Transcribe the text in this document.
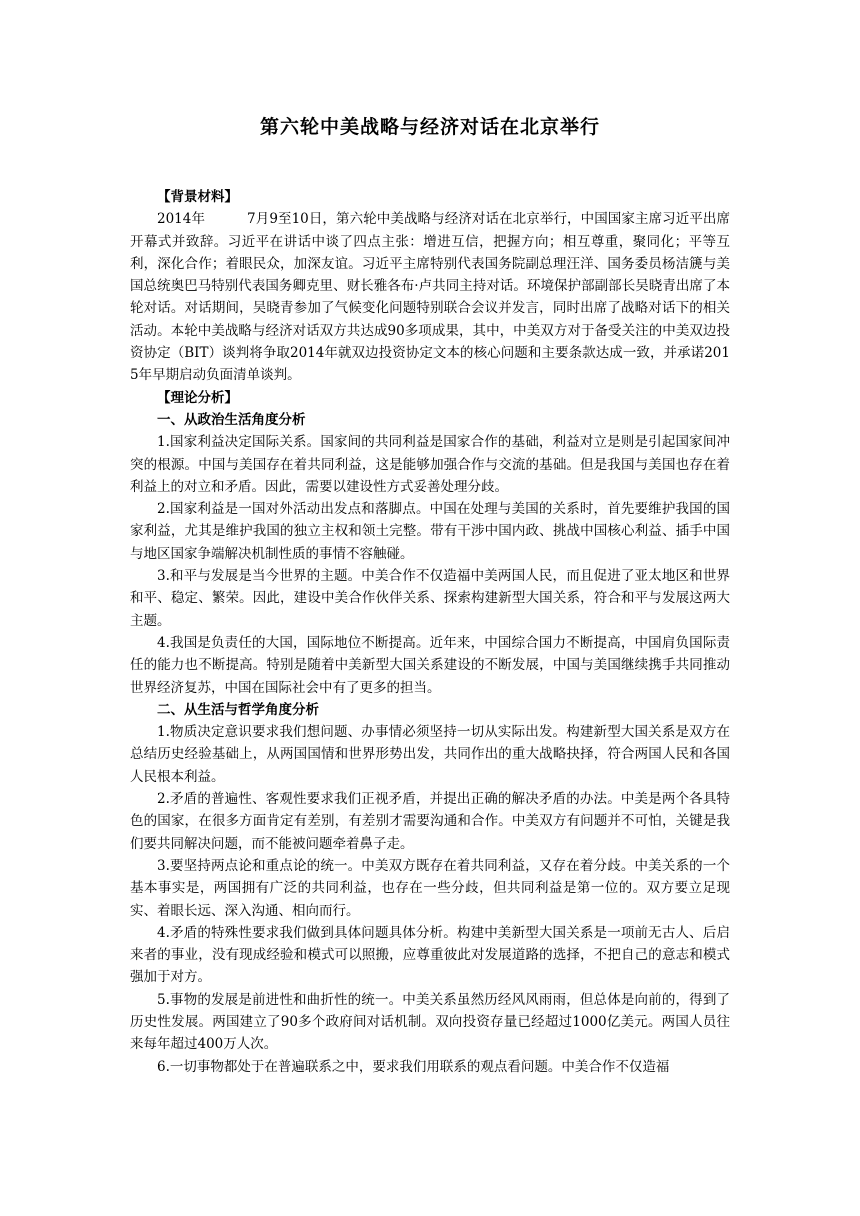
第六轮中美战略与经济对话在北京举行

【背景材料】

2014年	7月9至10日，第六轮中美战略与经济对话在北京举行，中国国家主席习近平出席开幕式并致辞。习近平在讲话中谈了四点主张：增进互信，把握方向；相互尊重，聚同化；平等互利，深化合作；着眼民众，加深友谊。习近平主席特别代表国务院副总理汪洋、国务委员杨洁篪与美国总统奥巴马特别代表国务卿克里、财长雅各布·卢共同主持对话。环境保护部副部长吴晓青出席了本轮对话。对话期间，吴晓青参加了气候变化问题特别联合会议并发言，同时出席了战略对话下的相关活动。本轮中美战略与经济对话双方共达成90多项成果，其中，中美双方对于备受关注的中美双边投资协定（BIT）谈判将争取2014年就双边投资协定文本的核心问题和主要条款达成一致，并承诺2015年早期启动负面清单谈判。

【理论分析】

一、从政治生活角度分析

1.国家利益决定国际关系。国家间的共同利益是国家合作的基础，利益对立是则是引起国家间冲突的根源。中国与美国存在着共同利益，这是能够加强合作与交流的基础。但是我国与美国也存在着利益上的对立和矛盾。因此，需要以建设性方式妥善处理分歧。

2.国家利益是一国对外活动出发点和落脚点。中国在处理与美国的关系时，首先要维护我国的国家利益，尤其是维护我国的独立主权和领土完整。带有干涉中国内政、挑战中国核心利益、插手中国与地区国家争端解决机制性质的事情不容触碰。

3.和平与发展是当今世界的主题。中美合作不仅造福中美两国人民，而且促进了亚太地区和世界和平、稳定、繁荣。因此，建设中美合作伙伴关系、探索构建新型大国关系，符合和平与发展这两大主题。

4.我国是负责任的大国，国际地位不断提高。近年来，中国综合国力不断提高，中国肩负国际责任的能力也不断提高。特别是随着中美新型大国关系建设的不断发展，中国与美国继续携手共同推动世界经济复苏，中国在国际社会中有了更多的担当。

二、从生活与哲学角度分析

1.物质决定意识要求我们想问题、办事情必须坚持一切从实际出发。构建新型大国关系是双方在总结历史经验基础上，从两国国情和世界形势出发，共同作出的重大战略抉择，符合两国人民和各国人民根本利益。

2.矛盾的普遍性、客观性要求我们正视矛盾，并提出正确的解决矛盾的办法。中美是两个各具特色的国家，在很多方面肯定有差别，有差别才需要沟通和合作。中美双方有问题并不可怕，关键是我们要共同解决问题，而不能被问题牵着鼻子走。

3.要坚持两点论和重点论的统一。中美双方既存在着共同利益，又存在着分歧。中美关系的一个基本事实是，两国拥有广泛的共同利益，也存在一些分歧，但共同利益是第一位的。双方要立足现实、着眼长远、深入沟通、相向而行。

4.矛盾的特殊性要求我们做到具体问题具体分析。构建中美新型大国关系是一项前无古人、后启来者的事业，没有现成经验和模式可以照搬，应尊重彼此对发展道路的选择，不把自己的意志和模式强加于对方。

5.事物的发展是前进性和曲折性的统一。中美关系虽然历经风风雨雨，但总体是向前的，得到了历史性发展。两国建立了90多个政府间对话机制。双向投资存量已经超过1000亿美元。两国人员往来每年超过400万人次。

6.一切事物都处于在普遍联系之中，要求我们用联系的观点看问题。中美合作不仅造福
